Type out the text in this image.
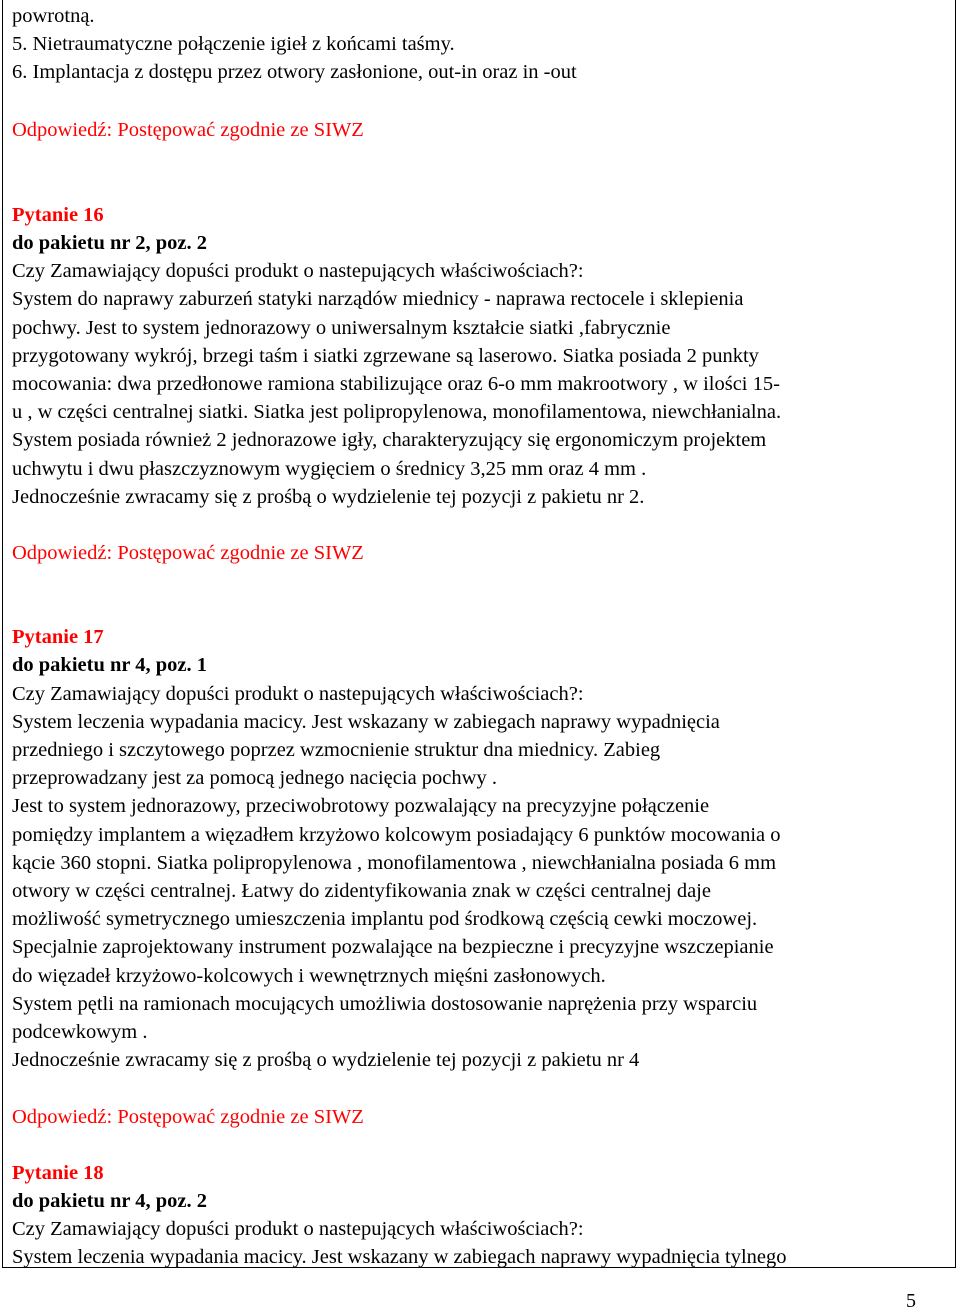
powrotną.
5. Nietraumatyczne połączenie igieł z końcami taśmy.
6. Implantacja z dostępu przez otwory zasłonione, out-in oraz in -out
Odpowiedź: Postępować zgodnie ze SIWZ
Pytanie 16
do pakietu nr 2, poz. 2
Czy Zamawiający dopuści produkt o nastepujących właściwościach?:
System do naprawy zaburzeń statyki narządów miednicy - naprawa rectocele i sklepienia
pochwy. Jest to system jednorazowy o uniwersalnym kształcie siatki ,fabrycznie
przygotowany wykrój, brzegi taśm i siatki zgrzewane są laserowo. Siatka posiada 2 punkty
mocowania: dwa przedłonowe ramiona stabilizujące oraz 6-o mm makrootwory , w ilości 15-
u , w części centralnej siatki. Siatka jest polipropylenowa, monofilamentowa, niewchłanialna.
System posiada również 2 jednorazowe igły, charakteryzujący się ergonomiczym projektem
uchwytu i dwu płaszczyznowym wygięciem o średnicy 3,25 mm oraz 4 mm .
Jednocześnie zwracamy się z prośbą o wydzielenie tej pozycji z pakietu nr 2.
Odpowiedź: Postępować zgodnie ze SIWZ
Pytanie 17
do pakietu nr 4, poz. 1
Czy Zamawiający dopuści produkt o nastepujących właściwościach?:
System leczenia wypadania macicy. Jest wskazany w zabiegach naprawy wypadnięcia
przedniego i szczytowego poprzez wzmocnienie struktur dna miednicy. Zabieg
przeprowadzany jest za pomocą jednego nacięcia pochwy .
Jest to system jednorazowy, przeciwobrotowy pozwalający na precyzyjne połączenie
pomiędzy implantem a więzadłem krzyżowo kolcowym posiadający 6 punktów mocowania o
kącie 360 stopni. Siatka polipropylenowa , monofilamentowa , niewchłanialna posiada 6 mm
otwory w części centralnej. Łatwy do zidentyfikowania znak w części centralnej daje
możliwość symetrycznego umieszczenia implantu pod środkową częścią cewki moczowej.
Specjalnie zaprojektowany instrument pozwalające na bezpieczne i precyzyjne wszczepianie
do więzadeł krzyżowo-kolcowych i wewnętrznych mięśni zasłonowych.
System pętli na ramionach mocujących umożliwia dostosowanie naprężenia przy wsparciu
podcewkowym .
Jednocześnie zwracamy się z prośbą o wydzielenie tej pozycji z pakietu nr 4
Odpowiedź: Postępować zgodnie ze SIWZ
Pytanie 18
do pakietu nr 4, poz. 2
Czy Zamawiający dopuści produkt o nastepujących właściwościach?:
System leczenia wypadania macicy. Jest wskazany w zabiegach naprawy wypadnięcia tylnego
5
